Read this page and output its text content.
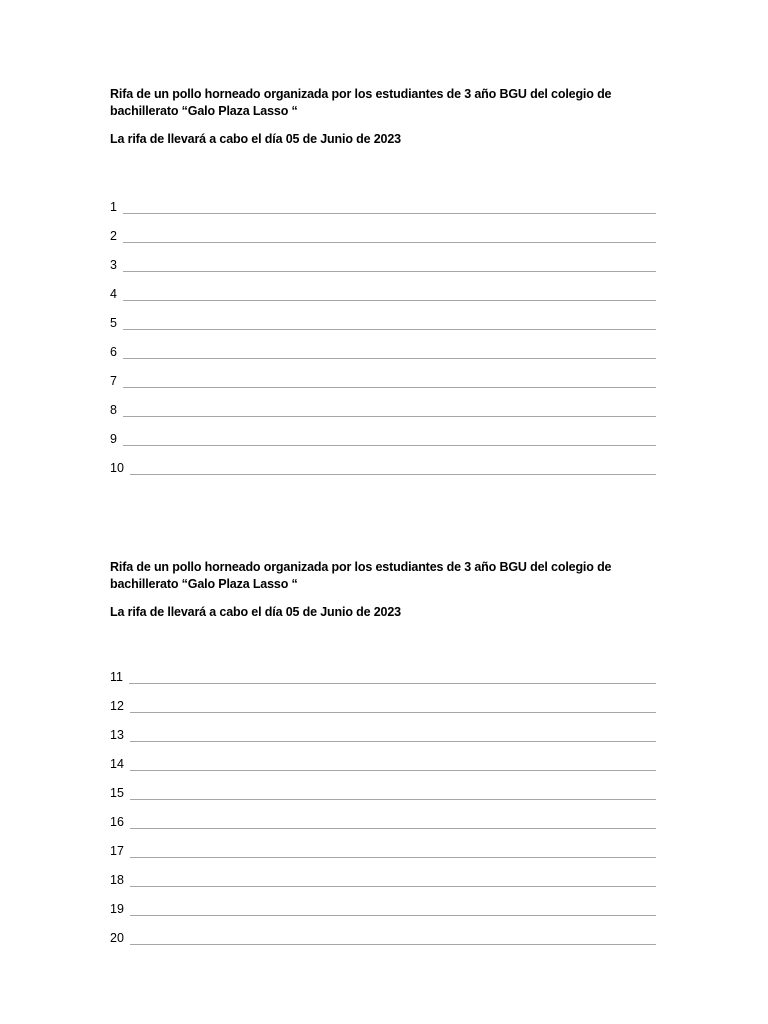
Rifa de un pollo horneado organizada por los estudiantes de 3 año BGU del colegio de bachillerato “Galo Plaza Lasso “

La rifa de llevará a cabo el día 05 de Junio de 2023

1
2
3
4
5
6
7
8
9
10

Rifa de un pollo horneado organizada por los estudiantes de 3 año BGU del colegio de bachillerato “Galo Plaza Lasso “

La rifa de llevará a cabo el día 05 de Junio de 2023

11
12
13
14
15
16
17
18
19
20
